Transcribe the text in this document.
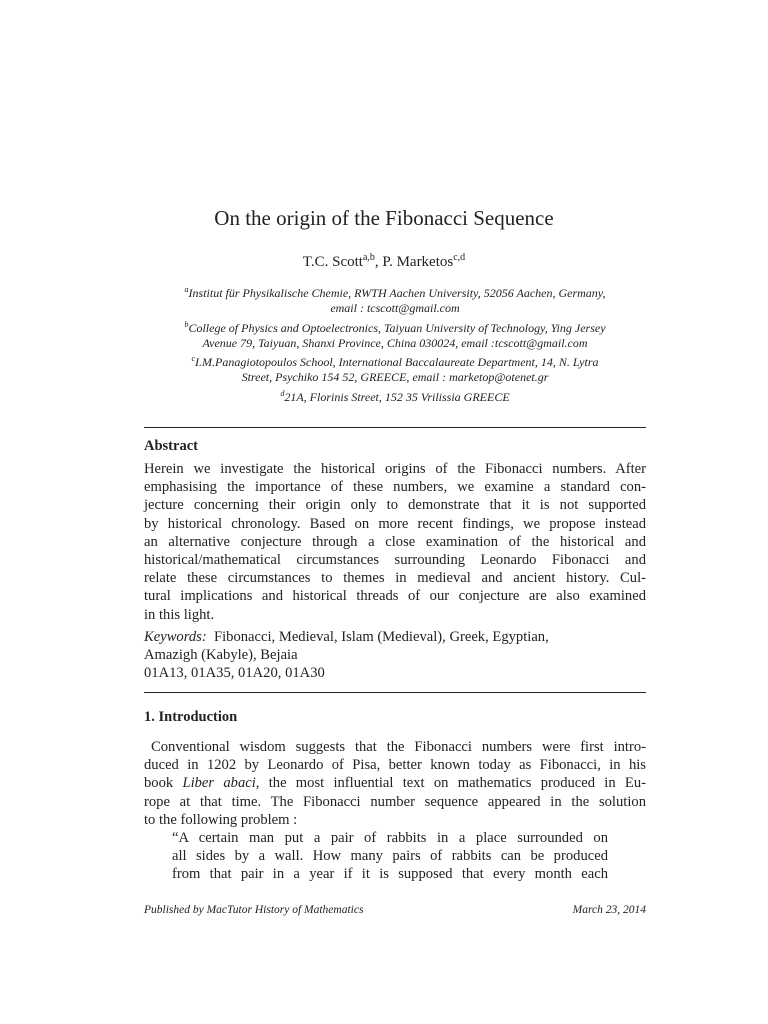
On the origin of the Fibonacci Sequence
T.C. Scott$^{a,b}$, P. Marketos$^{c,d}$
$^a$Institut für Physikalische Chemie, RWTH Aachen University, 52056 Aachen, Germany,
email : tcscott@gmail.com
$^b$College of Physics and Optoelectronics, Taiyuan University of Technology, Ying Jersey
Avenue 79, Taiyuan, Shanxi Province, China 030024, email :tcscott@gmail.com
$^c$I.M.Panagiotopoulos School, International Baccalaureate Department, 14, N. Lytra
Street, Psychiko 154 52, GREECE, email : marketop@otenet.gr
$^d$21A, Florinis Street, 152 35 Vrilissia GREECE
Abstract
Herein we investigate the historical origins of the Fibonacci numbers. After
emphasising the importance of these numbers, we examine a standard con-
jecture concerning their origin only to demonstrate that it is not supported
by historical chronology. Based on more recent findings, we propose instead
an alternative conjecture through a close examination of the historical and
historical/mathematical circumstances surrounding Leonardo Fibonacci and
relate these circumstances to themes in medieval and ancient history. Cul-
tural implications and historical threads of our conjecture are also examined
in this light.
Keywords: Fibonacci, Medieval, Islam (Medieval), Greek, Egyptian,
Amazigh (Kabyle), Bejaia
01A13, 01A35, 01A20, 01A30
1. Introduction
Conventional wisdom suggests that the Fibonacci numbers were first intro-
duced in 1202 by Leonardo of Pisa, better known today as Fibonacci, in his
book Liber abaci, the most influential text on mathematics produced in Eu-
rope at that time. The Fibonacci number sequence appeared in the solution
to the following problem :
“A certain man put a pair of rabbits in a place surrounded on
all sides by a wall. How many pairs of rabbits can be produced
from that pair in a year if it is supposed that every month each
Published by MacTutor History of Mathematics	March 23, 2014
